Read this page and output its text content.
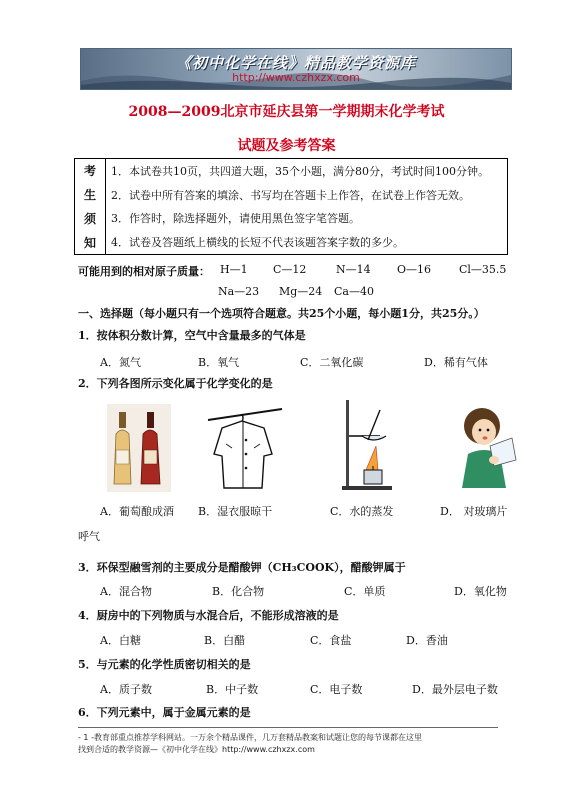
《初中化学在线》精品教学资源库
http://www.czhxzx.com
2008—2009北京市延庆县第一学期期末化学考试
试题及参考答案
考
生
须
知
1．本试卷共10页，共四道大题，35个小题，满分80分，考试时间100分钟。
2．试卷中所有答案的填涂、书写均在答题卡上作答，在试卷上作答无效。
3．作答时，除选择题外，请使用黑色签字笔答题。
4．试卷及答题纸上横线的长短不代表该题答案字数的多少。
可能用到的相对原子质量： H—1 C—12	N—14 O—16	Cl—35.5
Na—23 Mg—24 Ca—40
一、选择题（每小题只有一个选项符合题意。共25个小题，每小题1分，共25分。）
1．按体积分数计算，空气中含量最多的气体是
A．氮气	B．氧气	C．二氧化碳	D．稀有气体
2．下列各图所示变化属于化学变化的是
A．葡萄酿成酒 B．湿衣服晾干	C．水的蒸发	D． 对玻璃片
呼气
3．环保型融雪剂的主要成分是醋酸钾（CH₃COOK），醋酸钾属于
A．混合物	B．化合物	C．单质	D．氧化物
4．厨房中的下列物质与水混合后，不能形成溶液的是
A．白糖	B．白醋	C．食盐	D．香油
5．与元素的化学性质密切相关的是
A．质子数	B．中子数	C．电子数	D．最外层电子数
6．下列元素中，属于金属元素的是
- 1 -教育部重点推荐学科网站。一万余个精品课件，几万套精品教案和试题让您的每节课都在这里
找到合适的教学资源—《初中化学在线》http://www.czhxzx.com
